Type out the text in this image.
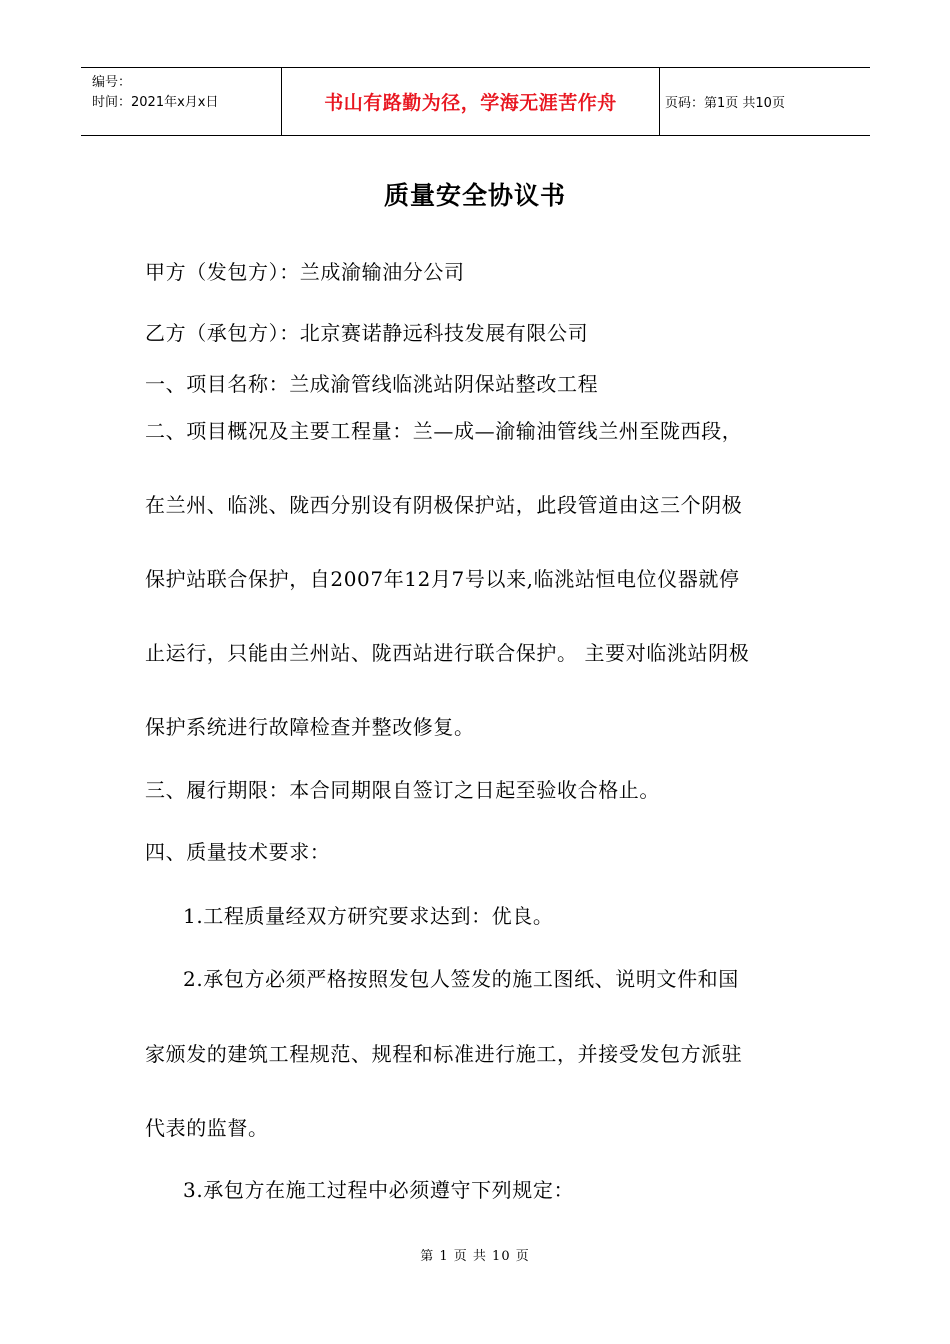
编号：
时间：2021年x月x日	书山有路勤为径，学海无涯苦作舟	页码：第1页 共10页
质量安全协议书
甲方（发包方）：兰成渝输油分公司
乙方（承包方）：北京赛诺静远科技发展有限公司
一、项目名称：兰成渝管线临洮站阴保站整改工程
二、项目概况及主要工程量：兰—成—渝输油管线兰州至陇西段，
在兰州、临洮、陇西分别设有阴极保护站，此段管道由这三个阴极
保护站联合保护，自2007年12月7号以来,临洮站恒电位仪器就停
止运行，只能由兰州站、陇西站进行联合保护。 主要对临洮站阴极
保护系统进行故障检查并整改修复。
三、履行期限：本合同期限自签订之日起至验收合格止。
四、质量技术要求：
1.工程质量经双方研究要求达到：优良。
2.承包方必须严格按照发包人签发的施工图纸、说明文件和国
家颁发的建筑工程规范、规程和标准进行施工，并接受发包方派驻
代表的监督。
3.承包方在施工过程中必须遵守下列规定：
第 1 页 共 10 页
